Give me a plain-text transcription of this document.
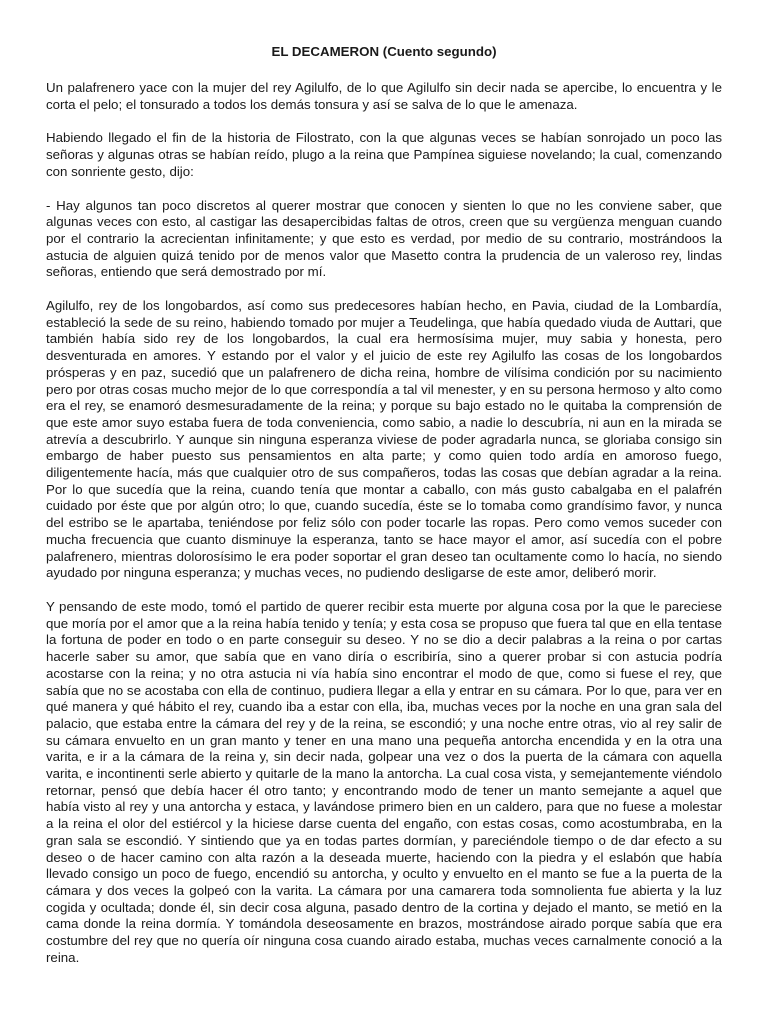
EL DECAMERON (Cuento segundo)

Un palafrenero yace con la mujer del rey Agilulfo, de lo que Agilulfo sin decir nada se apercibe, lo encuentra y le corta el pelo; el tonsurado a todos los demás tonsura y así se salva de lo que le amenaza.

Habiendo llegado el fin de la historia de Filostrato, con la que algunas veces se habían sonrojado un poco las señoras y algunas otras se habían reído, plugo a la reina que Pampínea siguiese novelando; la cual, comenzando con sonriente gesto, dijo:

- Hay algunos tan poco discretos al querer mostrar que conocen y sienten lo que no les conviene saber, que algunas veces con esto, al castigar las desapercibidas faltas de otros, creen que su vergüenza menguan cuando por el contrario la acrecientan infinitamente; y que esto es verdad, por medio de su contrario, mostrándoos la astucia de alguien quizá tenido por de menos valor que Masetto contra la prudencia de un valeroso rey, lindas señoras, entiendo que será demostrado por mí.

Agilulfo, rey de los longobardos, así como sus predecesores habían hecho, en Pavia, ciudad de la Lombardía, estableció la sede de su reino, habiendo tomado por mujer a Teudelinga, que había quedado viuda de Auttari, que también había sido rey de los longobardos, la cual era hermosísima mujer, muy sabia y honesta, pero desventurada en amores. Y estando por el valor y el juicio de este rey Agilulfo las cosas de los longobardos prósperas y en paz, sucedió que un palafrenero de dicha reina, hombre de vilísima condición por su nacimiento pero por otras cosas mucho mejor de lo que correspondía a tal vil menester, y en su persona hermoso y alto como era el rey, se enamoró desmesuradamente de la reina; y porque su bajo estado no le quitaba la comprensión de que este amor suyo estaba fuera de toda conveniencia, como sabio, a nadie lo descubría, ni aun en la mirada se atrevía a descubrirlo. Y aunque sin ninguna esperanza viviese de poder agradarla nunca, se gloriaba consigo sin embargo de haber puesto sus pensamientos en alta parte; y como quien todo ardía en amoroso fuego, diligentemente hacía, más que cualquier otro de sus compañeros, todas las cosas que debían agradar a la reina. Por lo que sucedía que la reina, cuando tenía que montar a caballo, con más gusto cabalgaba en el palafrén cuidado por éste que por algún otro; lo que, cuando sucedía, éste se lo tomaba como grandísimo favor, y nunca del estribo se le apartaba, teniéndose por feliz sólo con poder tocarle las ropas. Pero como vemos suceder con mucha frecuencia que cuanto disminuye la esperanza, tanto se hace mayor el amor, así sucedía con el pobre palafrenero, mientras dolorosísimo le era poder soportar el gran deseo tan ocultamente como lo hacía, no siendo ayudado por ninguna esperanza; y muchas veces, no pudiendo desligarse de este amor, deliberó morir.

Y pensando de este modo, tomó el partido de querer recibir esta muerte por alguna cosa por la que le pareciese que moría por el amor que a la reina había tenido y tenía; y esta cosa se propuso que fuera tal que en ella tentase la fortuna de poder en todo o en parte conseguir su deseo. Y no se dio a decir palabras a la reina o por cartas hacerle saber su amor, que sabía que en vano diría o escribiría, sino a querer probar si con astucia podría acostarse con la reina; y no otra astucia ni vía había sino encontrar el modo de que, como si fuese el rey, que sabía que no se acostaba con ella de continuo, pudiera llegar a ella y entrar en su cámara. Por lo que, para ver en qué manera y qué hábito el rey, cuando iba a estar con ella, iba, muchas veces por la noche en una gran sala del palacio, que estaba entre la cámara del rey y de la reina, se escondió; y una noche entre otras, vio al rey salir de su cámara envuelto en un gran manto y tener en una mano una pequeña antorcha encendida y en la otra una varita, e ir a la cámara de la reina y, sin decir nada, golpear una vez o dos la puerta de la cámara con aquella varita, e incontinenti serle abierto y quitarle de la mano la antorcha. La cual cosa vista, y semejantemente viéndolo retornar, pensó que debía hacer él otro tanto; y encontrando modo de tener un manto semejante a aquel que había visto al rey y una antorcha y estaca, y lavándose primero bien en un caldero, para que no fuese a molestar a la reina el olor del estiércol y la hiciese darse cuenta del engaño, con estas cosas, como acostumbraba, en la gran sala se escondió. Y sintiendo que ya en todas partes dormían, y pareciéndole tiempo o de dar efecto a su deseo o de hacer camino con alta razón a la deseada muerte, haciendo con la piedra y el eslabón que había llevado consigo un poco de fuego, encendió su antorcha, y oculto y envuelto en el manto se fue a la puerta de la cámara y dos veces la golpeó con la varita. La cámara por una camarera toda somnolienta fue abierta y la luz cogida y ocultada; donde él, sin decir cosa alguna, pasado dentro de la cortina y dejado el manto, se metió en la cama donde la reina dormía. Y tomándola deseosamente en brazos, mostrándose airado porque sabía que era costumbre del rey que no quería oír ninguna cosa cuando airado estaba, muchas veces carnalmente conoció a la reina.
